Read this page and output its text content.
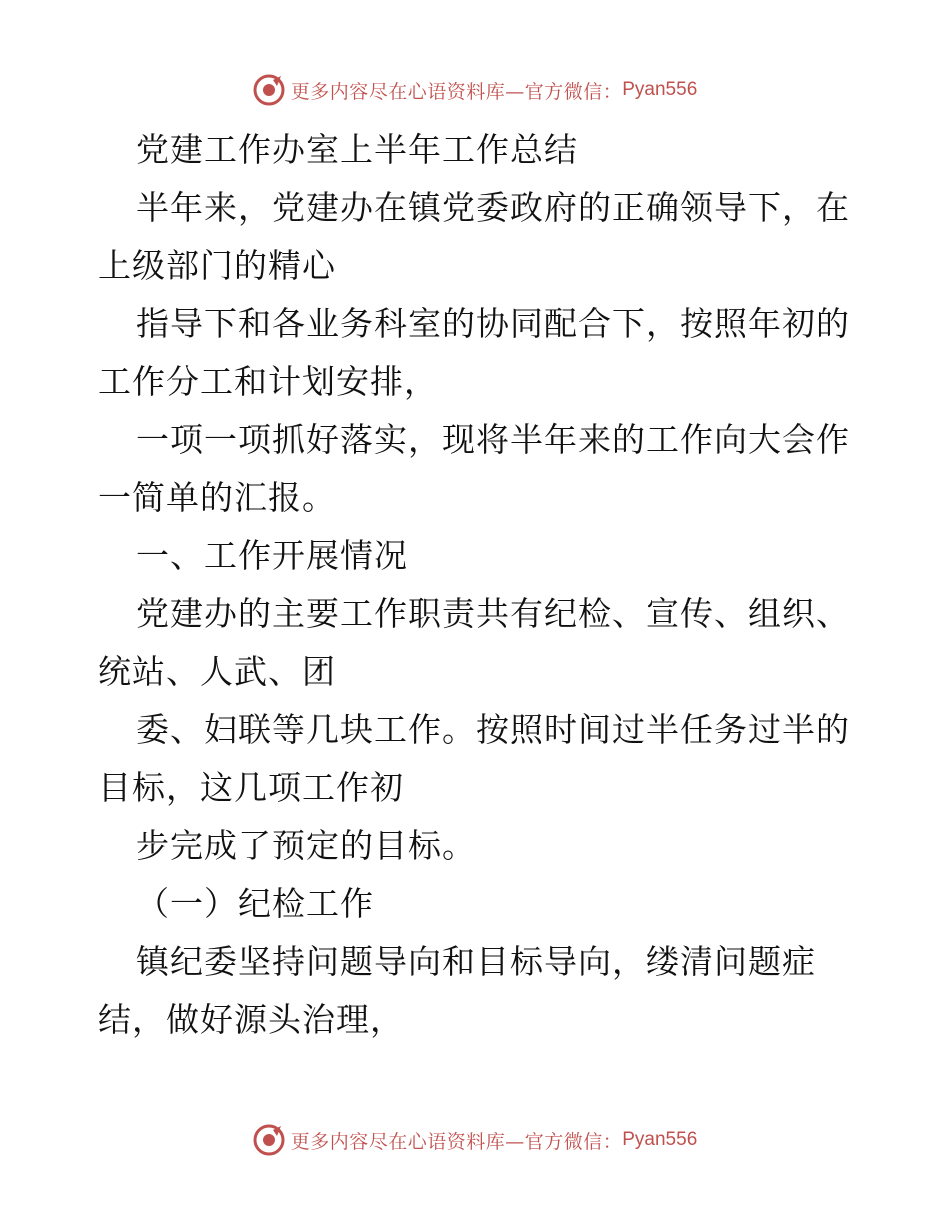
更多内容尽在心语资料库—官方微信： Pyan556

党建工作办室上半年工作总结

半年来，党建办在镇党委政府的正确领导下，在上级部门的精心

指导下和各业务科室的协同配合下，按照年初的工作分工和计划安排，

一项一项抓好落实，现将半年来的工作向大会作一简单的汇报。

一、工作开展情况

党建办的主要工作职责共有纪检、宣传、组织、统站、人武、团

委、妇联等几块工作。按照时间过半任务过半的目标，这几项工作初

步完成了预定的目标。

（一）纪检工作

镇纪委坚持问题导向和目标导向，缕清问题症结，做好源头治理，

更多内容尽在心语资料库—官方微信： Pyan556
